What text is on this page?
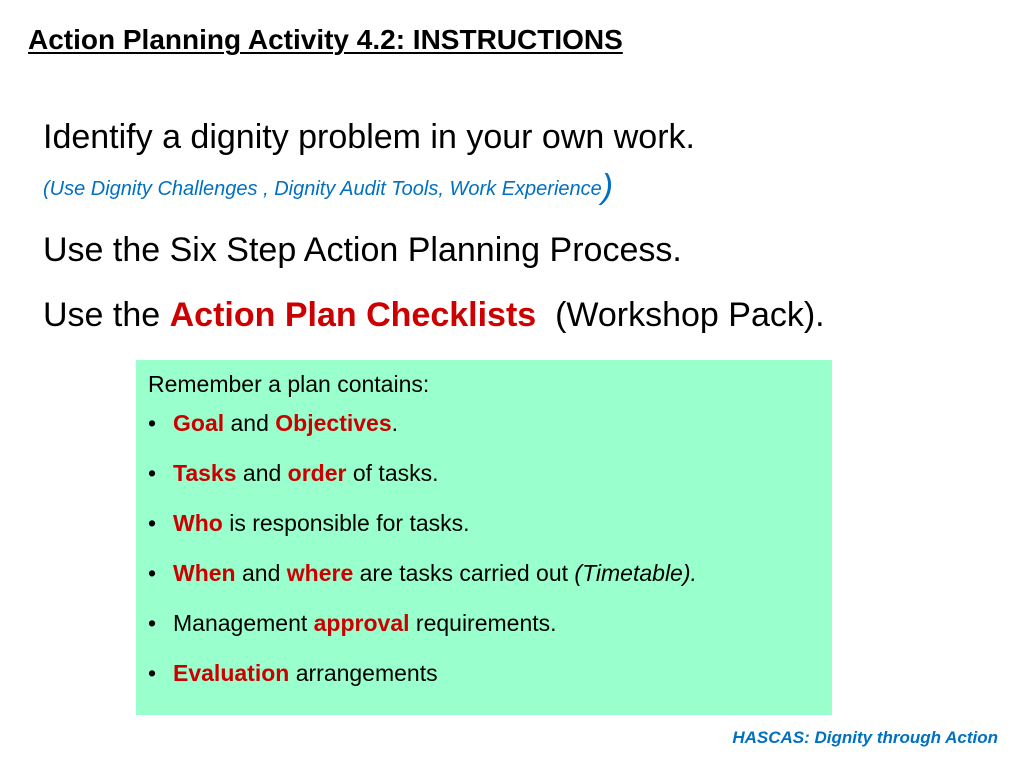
Action Planning Activity 4.2: INSTRUCTIONS
Identify a dignity problem in your own work.
(Use Dignity Challenges , Dignity Audit Tools, Work Experience)
Use the Six Step Action Planning Process.
Use the Action Plan Checklists  (Workshop Pack).

Remember a plan contains:

• Goal and Objectives.
• Tasks and order of tasks.
• Who is responsible for tasks.
• When and where are tasks carried out (Timetable).
• Management approval requirements.
• Evaluation arrangements
HASCAS: Dignity through Action
